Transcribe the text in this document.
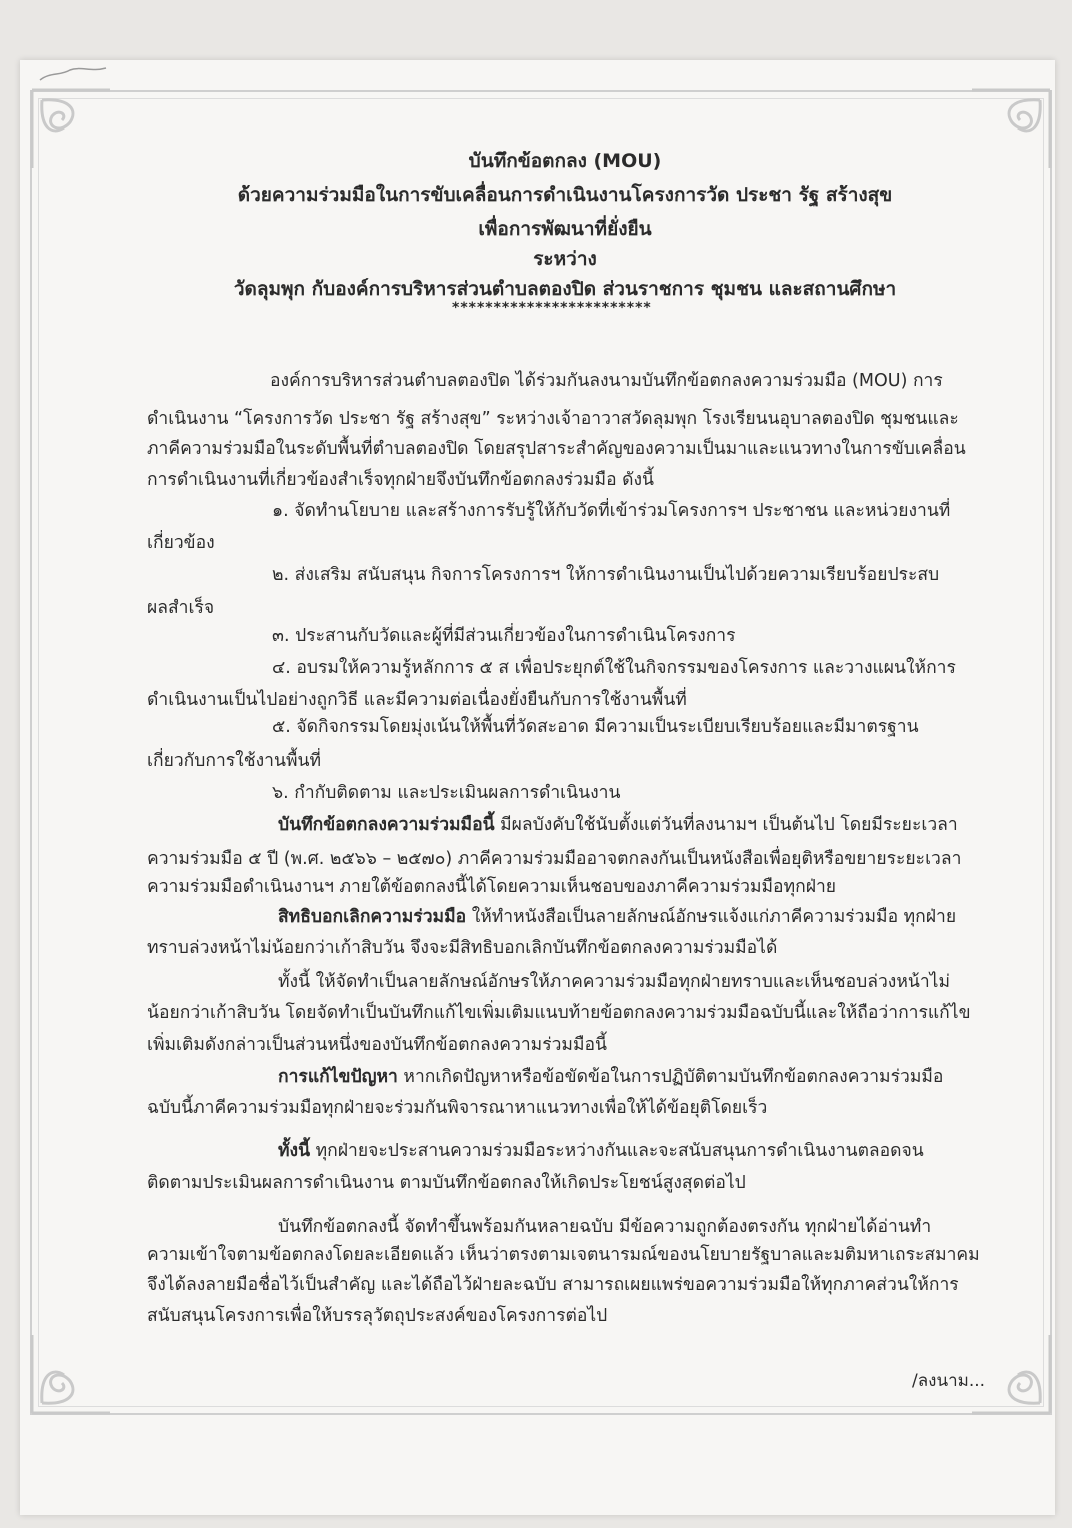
บันทึกข้อตกลง (MOU)
ด้วยความร่วมมือในการขับเคลื่อนการดำเนินงานโครงการวัด ประชา รัฐ สร้างสุข
เพื่อการพัฒนาที่ยั่งยืน
ระหว่าง
วัดลุมพุก กับองค์การบริหารส่วนตำบลตองปิด ส่วนราชการ ชุมชน และสถานศึกษา
************************
องค์การบริหารส่วนตำบลตองปิด ได้ร่วมกันลงนามบันทึกข้อตกลงความร่วมมือ (MOU) การ
ดำเนินงาน “โครงการวัด ประชา รัฐ สร้างสุข” ระหว่างเจ้าอาวาสวัดลุมพุก โรงเรียนนอุบาลตองปิด ชุมชนและ
ภาคีความร่วมมือในระดับพื้นที่ตำบลตองปิด โดยสรุปสาระสำคัญของความเป็นมาและแนวทางในการขับเคลื่อน
การดำเนินงานที่เกี่ยวข้องสำเร็จทุกฝ่ายจึงบันทึกข้อตกลงร่วมมือ ดังนี้
๑. จัดทำนโยบาย และสร้างการรับรู้ให้กับวัดที่เข้าร่วมโครงการฯ ประชาชน และหน่วยงานที่
เกี่ยวข้อง
๒. ส่งเสริม สนับสนุน กิจการโครงการฯ ให้การดำเนินงานเป็นไปด้วยความเรียบร้อยประสบ
ผลสำเร็จ
๓. ประสานกับวัดและผู้ที่มีส่วนเกี่ยวข้องในการดำเนินโครงการ
๔. อบรมให้ความรู้หลักการ ๕ ส เพื่อประยุกต์ใช้ในกิจกรรมของโครงการ และวางแผนให้การ
ดำเนินงานเป็นไปอย่างถูกวิธี และมีความต่อเนื่องยั่งยืนกับการใช้งานพื้นที่
๕. จัดกิจกรรมโดยมุ่งเน้นให้พื้นที่วัดสะอาด มีความเป็นระเบียบเรียบร้อยและมีมาตรฐาน
เกี่ยวกับการใช้งานพื้นที่
๖. กำกับติดตาม และประเมินผลการดำเนินงาน
บันทึกข้อตกลงความร่วมมือนี้ มีผลบังคับใช้นับตั้งแต่วันที่ลงนามฯ เป็นต้นไป โดยมีระยะเวลา
ความร่วมมือ ๕ ปี (พ.ศ. ๒๕๖๖ – ๒๕๗๐) ภาคีความร่วมมืออาจตกลงกันเป็นหนังสือเพื่อยุติหรือขยายระยะเวลา
ความร่วมมือดำเนินงานฯ ภายใต้ข้อตกลงนี้ได้โดยความเห็นชอบของภาคีความร่วมมือทุกฝ่าย
สิทธิบอกเลิกความร่วมมือ ให้ทำหนังสือเป็นลายลักษณ์อักษรแจ้งแก่ภาคีความร่วมมือ ทุกฝ่าย
ทราบล่วงหน้าไม่น้อยกว่าเก้าสิบวัน จึงจะมีสิทธิบอกเลิกบันทึกข้อตกลงความร่วมมือได้
ทั้งนี้ ให้จัดทำเป็นลายลักษณ์อักษรให้ภาคความร่วมมือทุกฝ่ายทราบและเห็นชอบล่วงหน้าไม่
น้อยกว่าเก้าสิบวัน โดยจัดทำเป็นบันทึกแก้ไขเพิ่มเติมแนบท้ายข้อตกลงความร่วมมือฉบับนี้และให้ถือว่าการแก้ไข
เพิ่มเติมดังกล่าวเป็นส่วนหนึ่งของบันทึกข้อตกลงความร่วมมือนี้
การแก้ไขปัญหา หากเกิดปัญหาหรือข้อขัดข้อในการปฏิบัติตามบันทึกข้อตกลงความร่วมมือ
ฉบับนี้ภาคีความร่วมมือทุกฝ่ายจะร่วมกันพิจารณาหาแนวทางเพื่อให้ได้ข้อยุติโดยเร็ว
ทั้งนี้ ทุกฝ่ายจะประสานความร่วมมือระหว่างกันและจะสนับสนุนการดำเนินงานตลอดจน
ติดตามประเมินผลการดำเนินงาน ตามบันทึกข้อตกลงให้เกิดประโยชน์สูงสุดต่อไป
บันทึกข้อตกลงนี้ จัดทำขึ้นพร้อมกันหลายฉบับ มีข้อความถูกต้องตรงกัน ทุกฝ่ายได้อ่านทำ
ความเข้าใจตามข้อตกลงโดยละเอียดแล้ว เห็นว่าตรงตามเจตนารมณ์ของนโยบายรัฐบาลและมติมหาเถระสมาคม
จึงได้ลงลายมือชื่อไว้เป็นสำคัญ และได้ถือไว้ฝ่ายละฉบับ สามารถเผยแพร่ขอความร่วมมือให้ทุกภาคส่วนให้การ
สนับสนุนโครงการเพื่อให้บรรลุวัตถุประสงค์ของโครงการต่อไป
/ลงนาม...
